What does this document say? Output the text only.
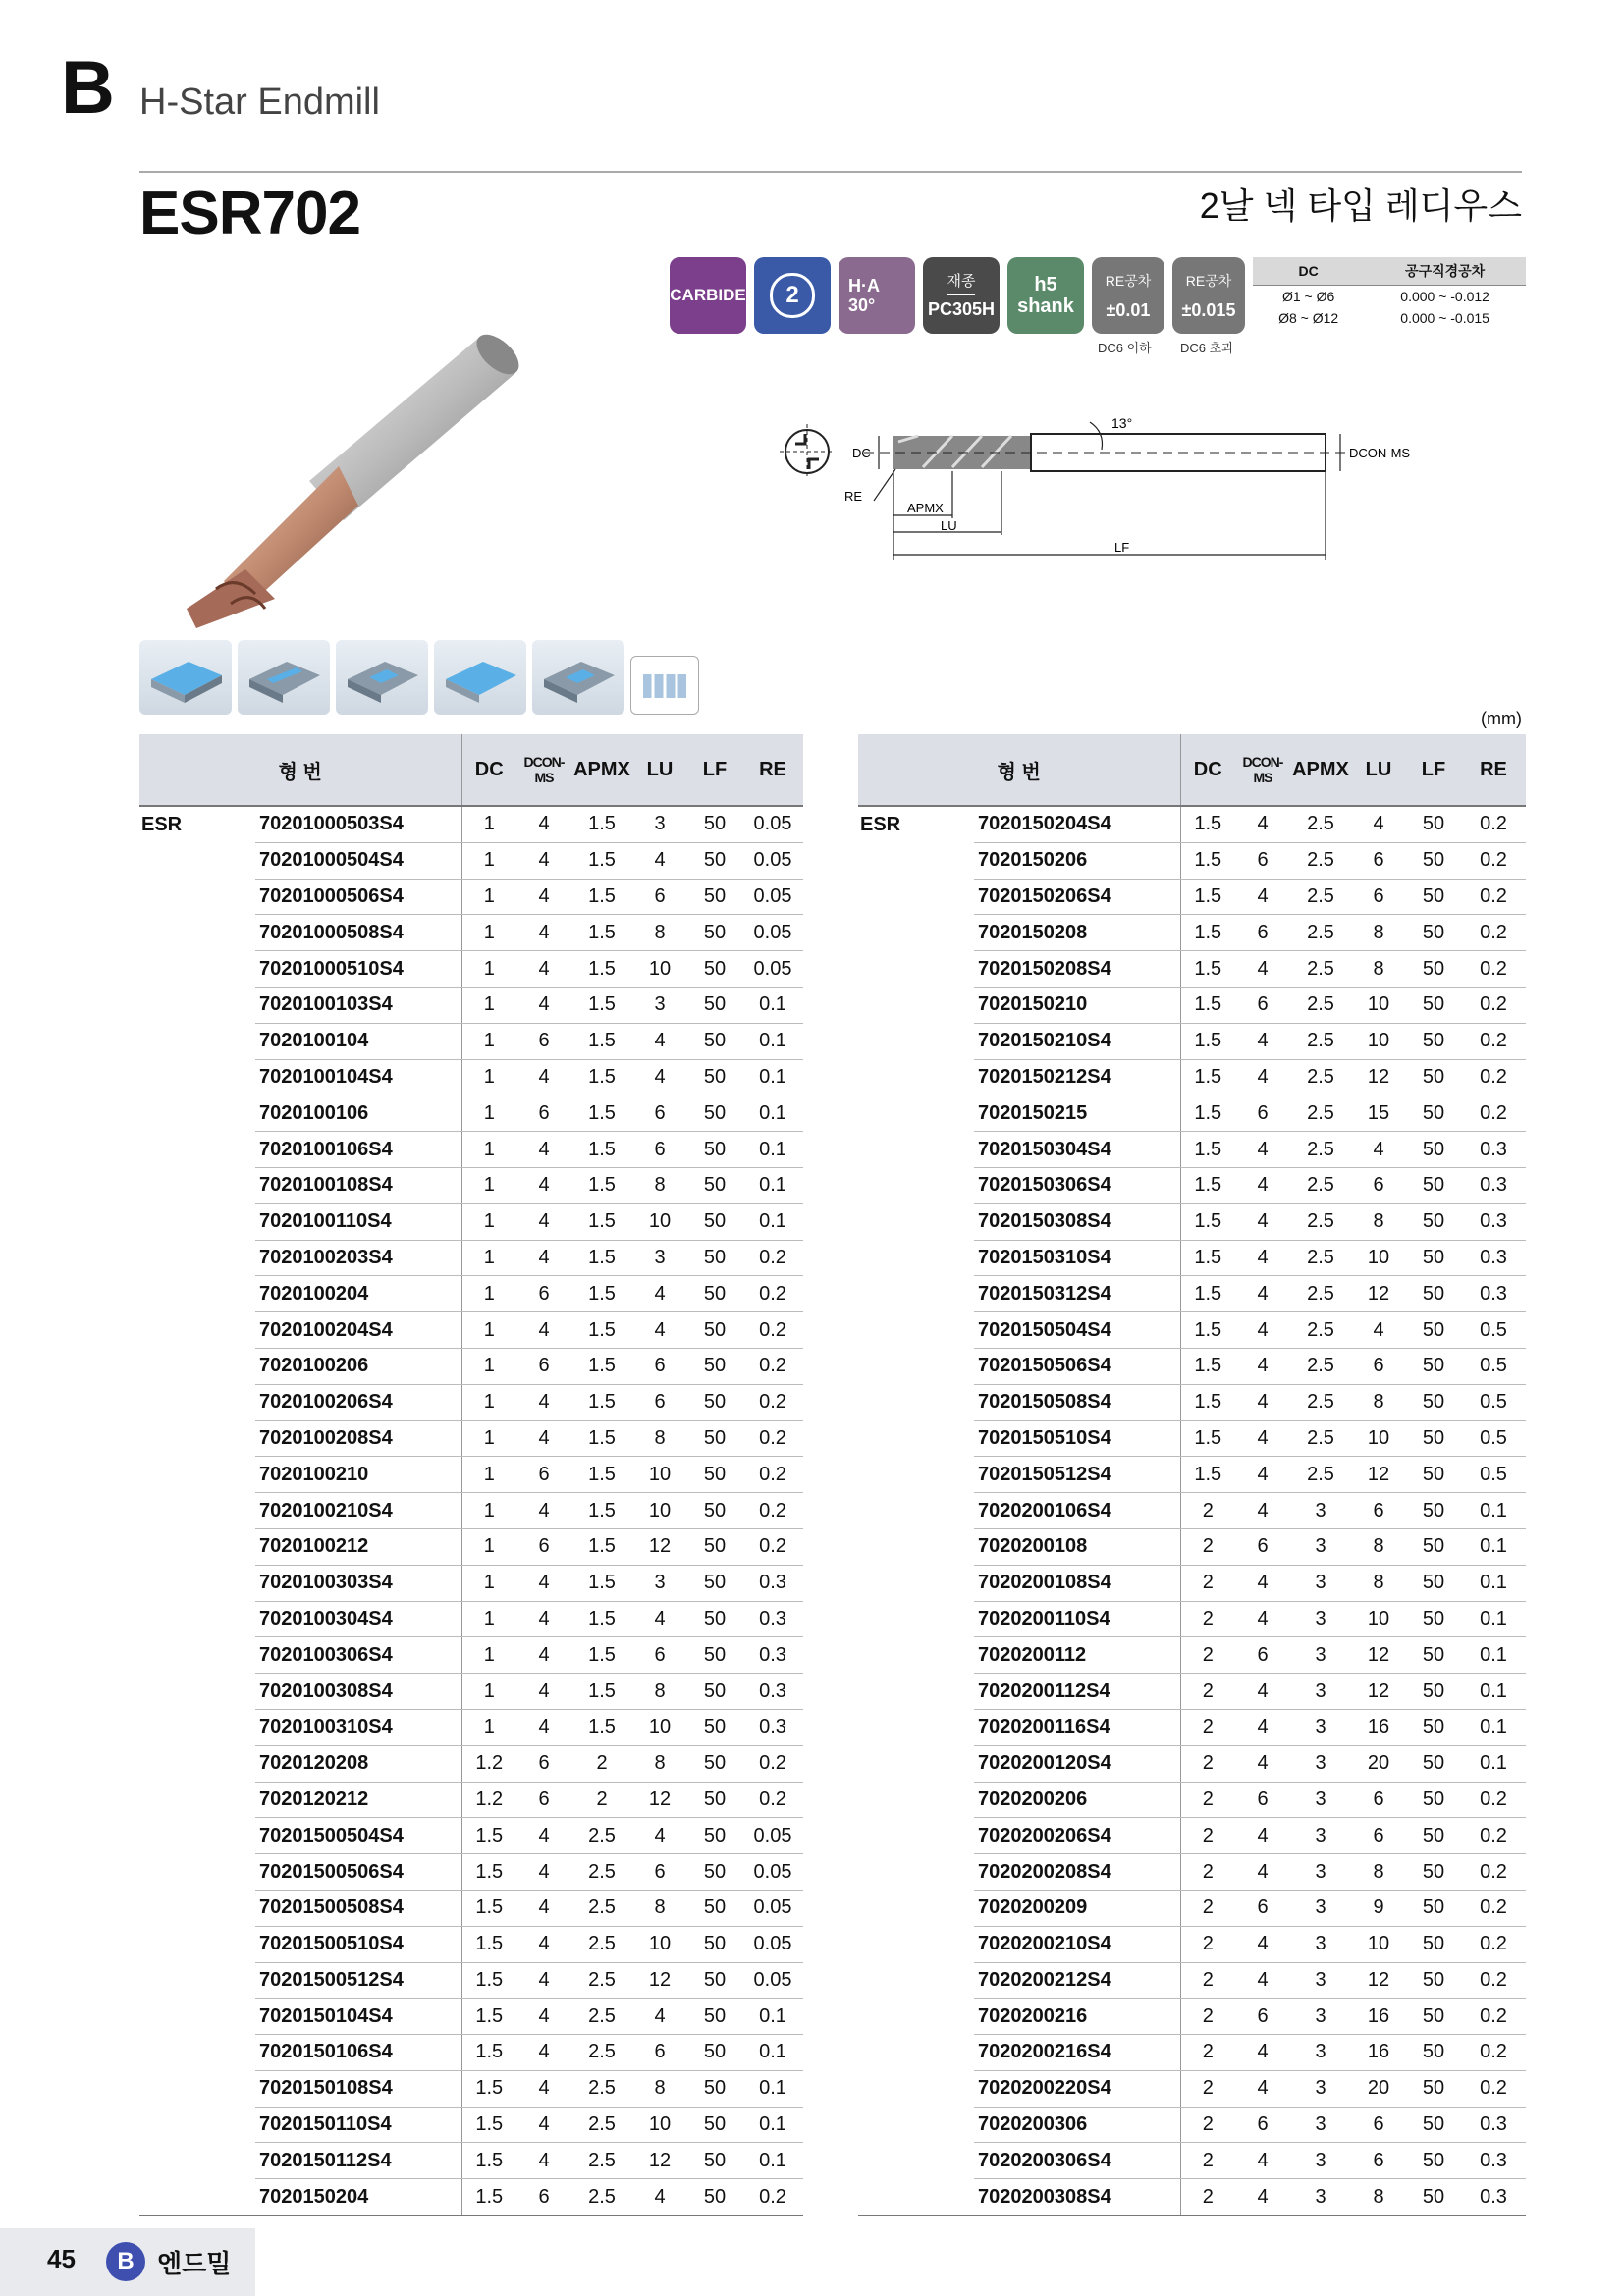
B H-Star Endmill
ESR702	2날 넥 타입 레디우스
CARBIDE	2	H·A
30°
재종
PC305H
h5
shank
RE공차
±0.01
RE공차
±0.015
DC6 이하 DC6 초과
DC	공구직경공차
Ø1 ~ Ø6	0.000 ~ -0.012
Ø8 ~ Ø12	0.000 ~ -0.015
13°
DC	DCON-MS
RE
APMX
LU
LF
(mm)
형 번		DC	DCON-MS	APMX	LU	LF	RE
ESR	70201000503S4	1	4	1.5	3	50	0.05
	70201000504S4	1	4	1.5	4	50	0.05
	70201000506S4	1	4	1.5	6	50	0.05
	70201000508S4	1	4	1.5	8	50	0.05
	70201000510S4	1	4	1.5	10	50	0.05
	7020100103S4	1	4	1.5	3	50	0.1
	7020100104	1	6	1.5	4	50	0.1
	7020100104S4	1	4	1.5	4	50	0.1
	7020100106	1	6	1.5	6	50	0.1
	7020100106S4	1	4	1.5	6	50	0.1
	7020100108S4	1	4	1.5	8	50	0.1
	7020100110S4	1	4	1.5	10	50	0.1
	7020100203S4	1	4	1.5	3	50	0.2
	7020100204	1	6	1.5	4	50	0.2
	7020100204S4	1	4	1.5	4	50	0.2
	7020100206	1	6	1.5	6	50	0.2
	7020100206S4	1	4	1.5	6	50	0.2
	7020100208S4	1	4	1.5	8	50	0.2
	7020100210	1	6	1.5	10	50	0.2
	7020100210S4	1	4	1.5	10	50	0.2
	7020100212	1	6	1.5	12	50	0.2
	7020100303S4	1	4	1.5	3	50	0.3
	7020100304S4	1	4	1.5	4	50	0.3
	7020100306S4	1	4	1.5	6	50	0.3
	7020100308S4	1	4	1.5	8	50	0.3
	7020100310S4	1	4	1.5	10	50	0.3
	7020120208	1.2	6	2	8	50	0.2
	7020120212	1.2	6	2	12	50	0.2
	70201500504S4	1.5	4	2.5	4	50	0.05
	70201500506S4	1.5	4	2.5	6	50	0.05
	70201500508S4	1.5	4	2.5	8	50	0.05
	70201500510S4	1.5	4	2.5	10	50	0.05
	70201500512S4	1.5	4	2.5	12	50	0.05
	7020150104S4	1.5	4	2.5	4	50	0.1
	7020150106S4	1.5	4	2.5	6	50	0.1
	7020150108S4	1.5	4	2.5	8	50	0.1
	7020150110S4	1.5	4	2.5	10	50	0.1
	7020150112S4	1.5	4	2.5	12	50	0.1
	7020150204	1.5	6	2.5	4	50	0.2
형 번		DC	DCON-MS	APMX	LU	LF	RE
ESR	7020150204S4	1.5	4	2.5	4	50	0.2
	7020150206	1.5	6	2.5	6	50	0.2
	7020150206S4	1.5	4	2.5	6	50	0.2
	7020150208	1.5	6	2.5	8	50	0.2
	7020150208S4	1.5	4	2.5	8	50	0.2
	7020150210	1.5	6	2.5	10	50	0.2
	7020150210S4	1.5	4	2.5	10	50	0.2
	7020150212S4	1.5	4	2.5	12	50	0.2
	7020150215	1.5	6	2.5	15	50	0.2
	7020150304S4	1.5	4	2.5	4	50	0.3
	7020150306S4	1.5	4	2.5	6	50	0.3
	7020150308S4	1.5	4	2.5	8	50	0.3
	7020150310S4	1.5	4	2.5	10	50	0.3
	7020150312S4	1.5	4	2.5	12	50	0.3
	7020150504S4	1.5	4	2.5	4	50	0.5
	7020150506S4	1.5	4	2.5	6	50	0.5
	7020150508S4	1.5	4	2.5	8	50	0.5
	7020150510S4	1.5	4	2.5	10	50	0.5
	7020150512S4	1.5	4	2.5	12	50	0.5
	7020200106S4	2	4	3	6	50	0.1
	7020200108	2	6	3	8	50	0.1
	7020200108S4	2	4	3	8	50	0.1
	7020200110S4	2	4	3	10	50	0.1
	7020200112	2	6	3	12	50	0.1
	7020200112S4	2	4	3	12	50	0.1
	7020200116S4	2	4	3	16	50	0.1
	7020200120S4	2	4	3	20	50	0.1
	7020200206	2	6	3	6	50	0.2
	7020200206S4	2	4	3	6	50	0.2
	7020200208S4	2	4	3	8	50	0.2
	7020200209	2	6	3	9	50	0.2
	7020200210S4	2	4	3	10	50	0.2
	7020200212S4	2	4	3	12	50	0.2
	7020200216	2	6	3	16	50	0.2
	7020200216S4	2	4	3	16	50	0.2
	7020200220S4	2	4	3	20	50	0.2
	7020200306	2	6	3	6	50	0.3
	7020200306S4	2	4	3	6	50	0.3
	7020200308S4	2	4	3	8	50	0.3
45	B 엔드밀
